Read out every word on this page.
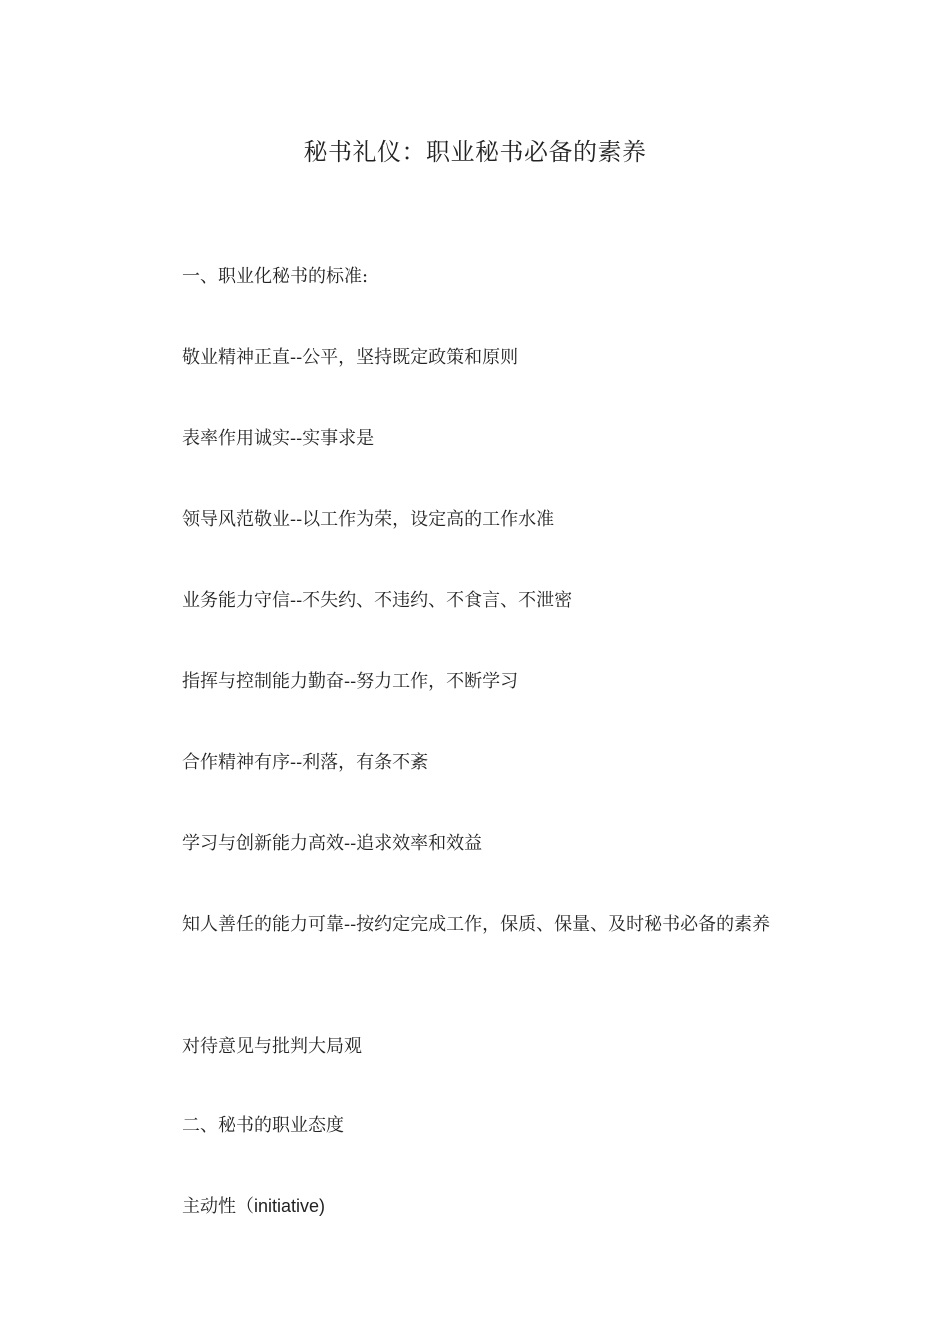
秘书礼仪：职业秘书必备的素养

一、职业化秘书的标准:

敬业精神正直--公平，坚持既定政策和原则

表率作用诚实--实事求是

领导风范敬业--以工作为荣，设定高的工作水准

业务能力守信--不失约、不违约、不食言、不泄密

指挥与控制能力勤奋--努力工作，不断学习

合作精神有序--利落，有条不紊

学习与创新能力高效--追求效率和效益

知人善任的能力可靠--按约定完成工作，保质、保量、及时秘书必备的素养

对待意见与批判大局观

二、秘书的职业态度

主动性（initiative)
